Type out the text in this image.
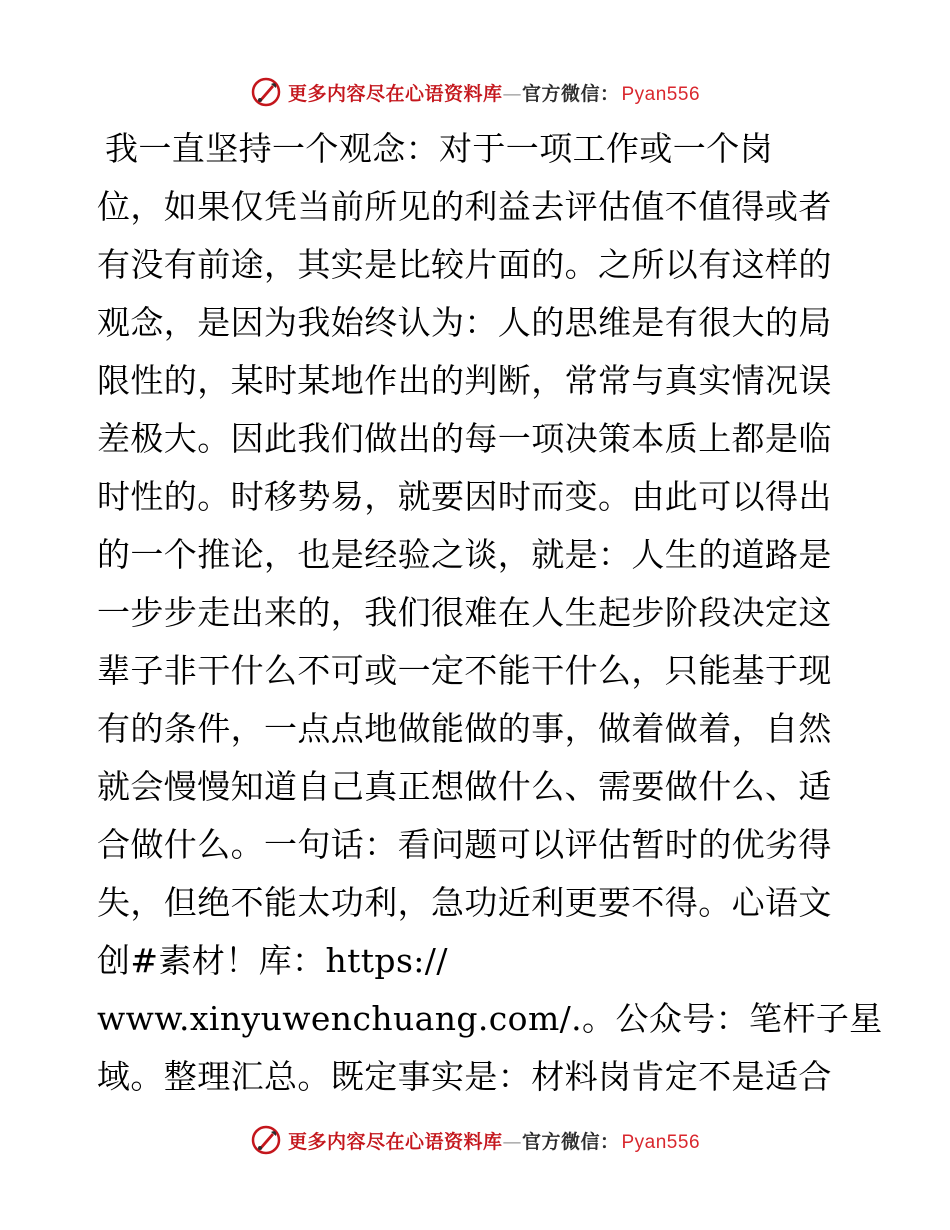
更多内容尽在心语资料库—官方微信： Pyan556
我一直坚持一个观念：对于一项工作或一个岗
位，如果仅凭当前所见的利益去评估值不值得或者
有没有前途，其实是比较片面的。之所以有这样的
观念，是因为我始终认为：人的思维是有很大的局
限性的，某时某地作出的判断，常常与真实情况误
差极大。因此我们做出的每一项决策本质上都是临
时性的。时移势易，就要因时而变。由此可以得出
的一个推论，也是经验之谈，就是：人生的道路是
一步步走出来的，我们很难在人生起步阶段决定这
辈子非干什么不可或一定不能干什么，只能基于现
有的条件，一点点地做能做的事，做着做着，自然
就会慢慢知道自己真正想做什么、需要做什么、适
合做什么。一句话：看问题可以评估暂时的优劣得
失，但绝不能太功利，急功近利更要不得。心语文
创#素材！库：https://
www.xinyuwenchuang.com/.。公众号：笔杆子星
域。整理汇总。既定事实是：材料岗肯定不是适合
更多内容尽在心语资料库—官方微信： Pyan556
